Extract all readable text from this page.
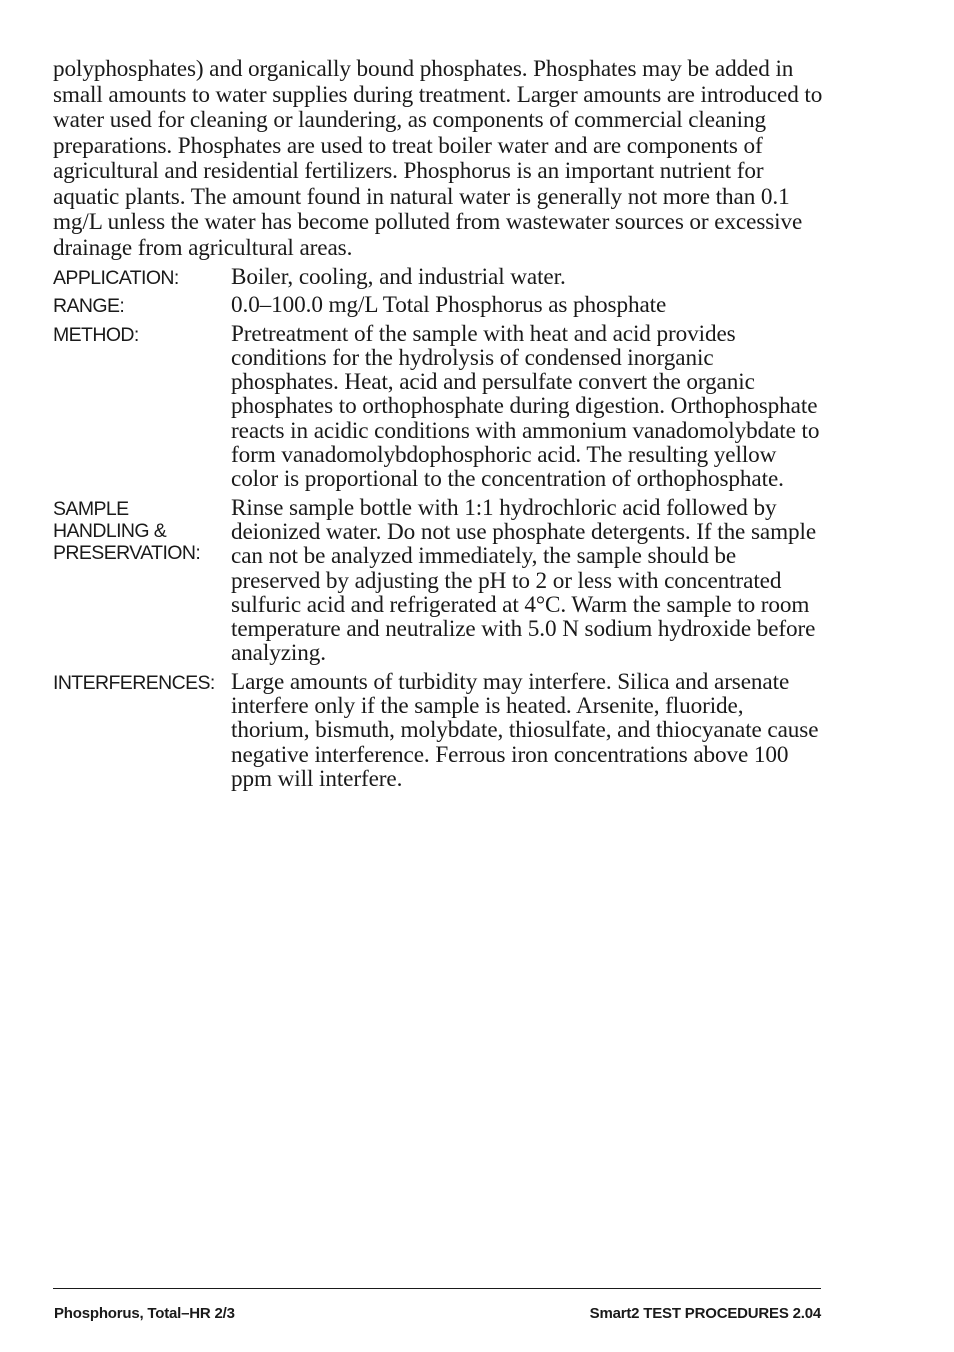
polyphosphates) and organically bound phosphates. Phosphates may be added in small amounts to water supplies during treatment. Larger amounts are introduced to water used for cleaning or laundering, as components of commercial cleaning preparations. Phosphates are used to treat boiler water and are components of agricultural and residential fertilizers. Phosphorus is an important nutrient for aquatic plants. The amount found in natural water is generally not more than 0.1 mg/L unless the water has become polluted from wastewater sources or excessive drainage from agricultural areas.

APPLICATION:	Boiler, cooling, and industrial water.
RANGE:	0.0–100.0 mg/L Total Phosphorus as phosphate
METHOD:	Pretreatment of the sample with heat and acid provides conditions for the hydrolysis of condensed inorganic phosphates. Heat, acid and persulfate convert the organic phosphates to orthophosphate during digestion. Orthophosphate reacts in acidic conditions with ammonium vanadomolybdate to form vanadomolybdophosphoric acid. The resulting yellow color is proportional to the concentration of orthophosphate.
SAMPLE
HANDLING &
PRESERVATION:
Rinse sample bottle with 1:1 hydrochloric acid followed by deionized water. Do not use phosphate detergents. If the sample can not be analyzed immediately, the sample should be preserved by adjusting the pH to 2 or less with concentrated sulfuric acid and refrigerated at 4°C. Warm the sample to room temperature and neutralize with 5.0 N sodium hydroxide before analyzing.
INTERFERENCES: Large amounts of turbidity may interfere. Silica and arsenate interfere only if the sample is heated. Arsenite, fluoride, thorium, bismuth, molybdate, thiosulfate, and thiocyanate cause negative interference. Ferrous iron concentrations above 100 ppm will interfere.
Phosphorus, Total–HR 2/3	Smart2 TEST PROCEDURES 2.04
